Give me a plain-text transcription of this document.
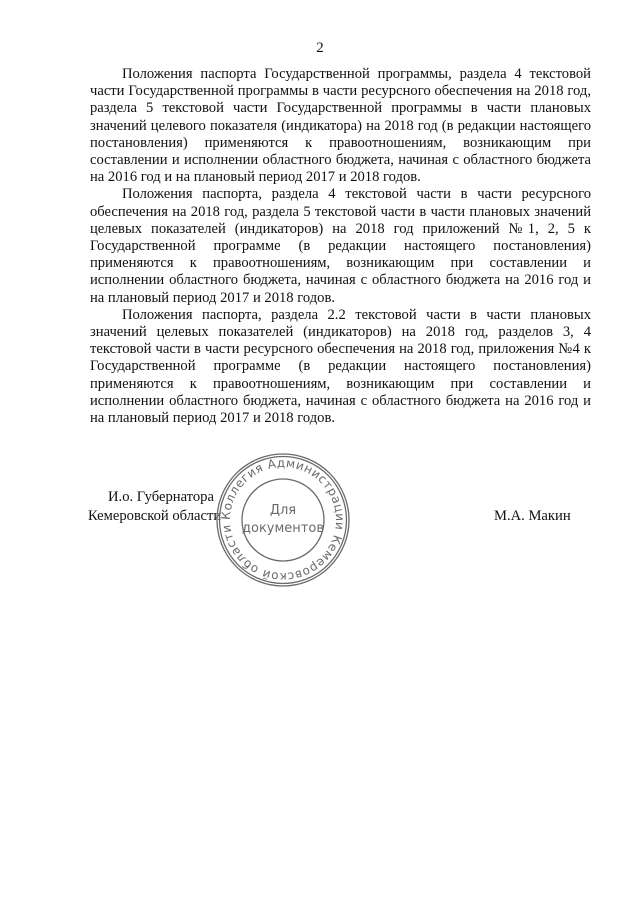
2

Положения паспорта Государственной программы, раздела 4 текстовой части Государственной программы в части ресурсного обеспечения на 2018 год, раздела 5 текстовой части Государственной программы в части плановых значений целевого показателя (индикатора) на 2018 год (в редакции настоящего постановления) применяются к правоотношениям, возникающим при составлении и исполнении областного бюджета, начиная с областного бюджета на 2016 год и на плановый период 2017 и 2018 годов.

Положения паспорта, раздела 4 текстовой части в части ресурсного обеспечения на 2018 год, раздела 5 текстовой части в части плановых значений целевых показателей (индикаторов) на 2018 год приложений №1, 2, 5 к Государственной программе (в редакции настоящего постановления) применяются к правоотношениям, возникающим при составлении и исполнении областного бюджета, начиная с областного бюджета на 2016 год и на плановый период 2017 и 2018 годов.

Положения паспорта, раздела 2.2 текстовой части в части плановых значений целевых показателей (индикаторов) на 2018 год, разделов 3, 4 текстовой части в части ресурсного обеспечения на 2018 год, приложения №4 к Государственной программе (в редакции настоящего постановления) применяются к правоотношениям, возникающим при составлении и исполнении областного бюджета, начиная с областного бюджета на 2016 год и на плановый период 2017 и 2018 годов.

И.о. Губернатора
Кемеровской области	М.А. Макин
Коллегия Администрации Кемеровской области
Для
документов
